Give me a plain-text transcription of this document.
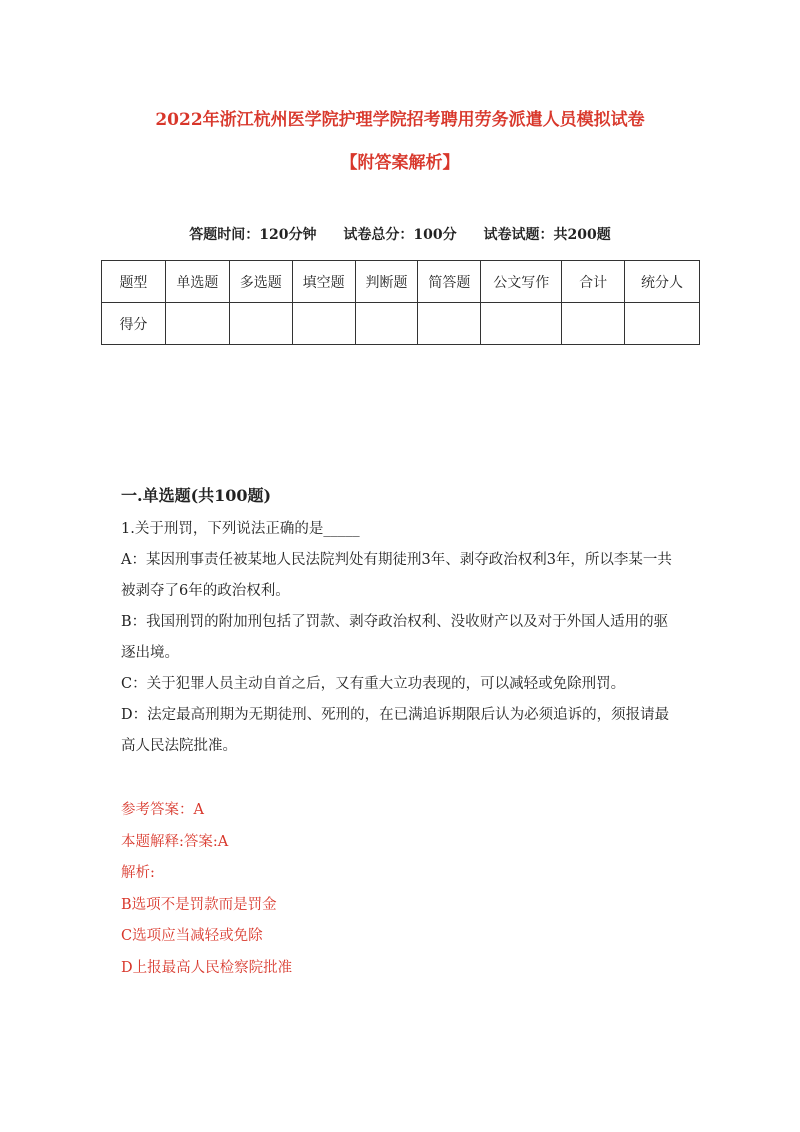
2022年浙江杭州医学院护理学院招考聘用劳务派遣人员模拟试卷
【附答案解析】
答题时间：120分钟 试卷总分：100分 试卷试题：共200题
题型	单选题	多选题	填空题	判断题	简答题	公文写作	合计	统分人
得分								
一.单选题(共100题)

1.关于刑罚，下列说法正确的是_____

A：某因刑事责任被某地人民法院判处有期徒刑3年、剥夺政治权利3年，所以李某一共被剥夺了6年的政治权利。

B：我国刑罚的附加刑包括了罚款、剥夺政治权利、没收财产以及对于外国人适用的驱逐出境。

C：关于犯罪人员主动自首之后，又有重大立功表现的，可以减轻或免除刑罚。

D：法定最高刑期为无期徒刑、死刑的，在已满追诉期限后认为必须追诉的，须报请最高人民法院批准。

参考答案：A

本题解释:答案:A

解析:

B选项不是罚款而是罚金

C选项应当减轻或免除

D上报最高人民检察院批准
